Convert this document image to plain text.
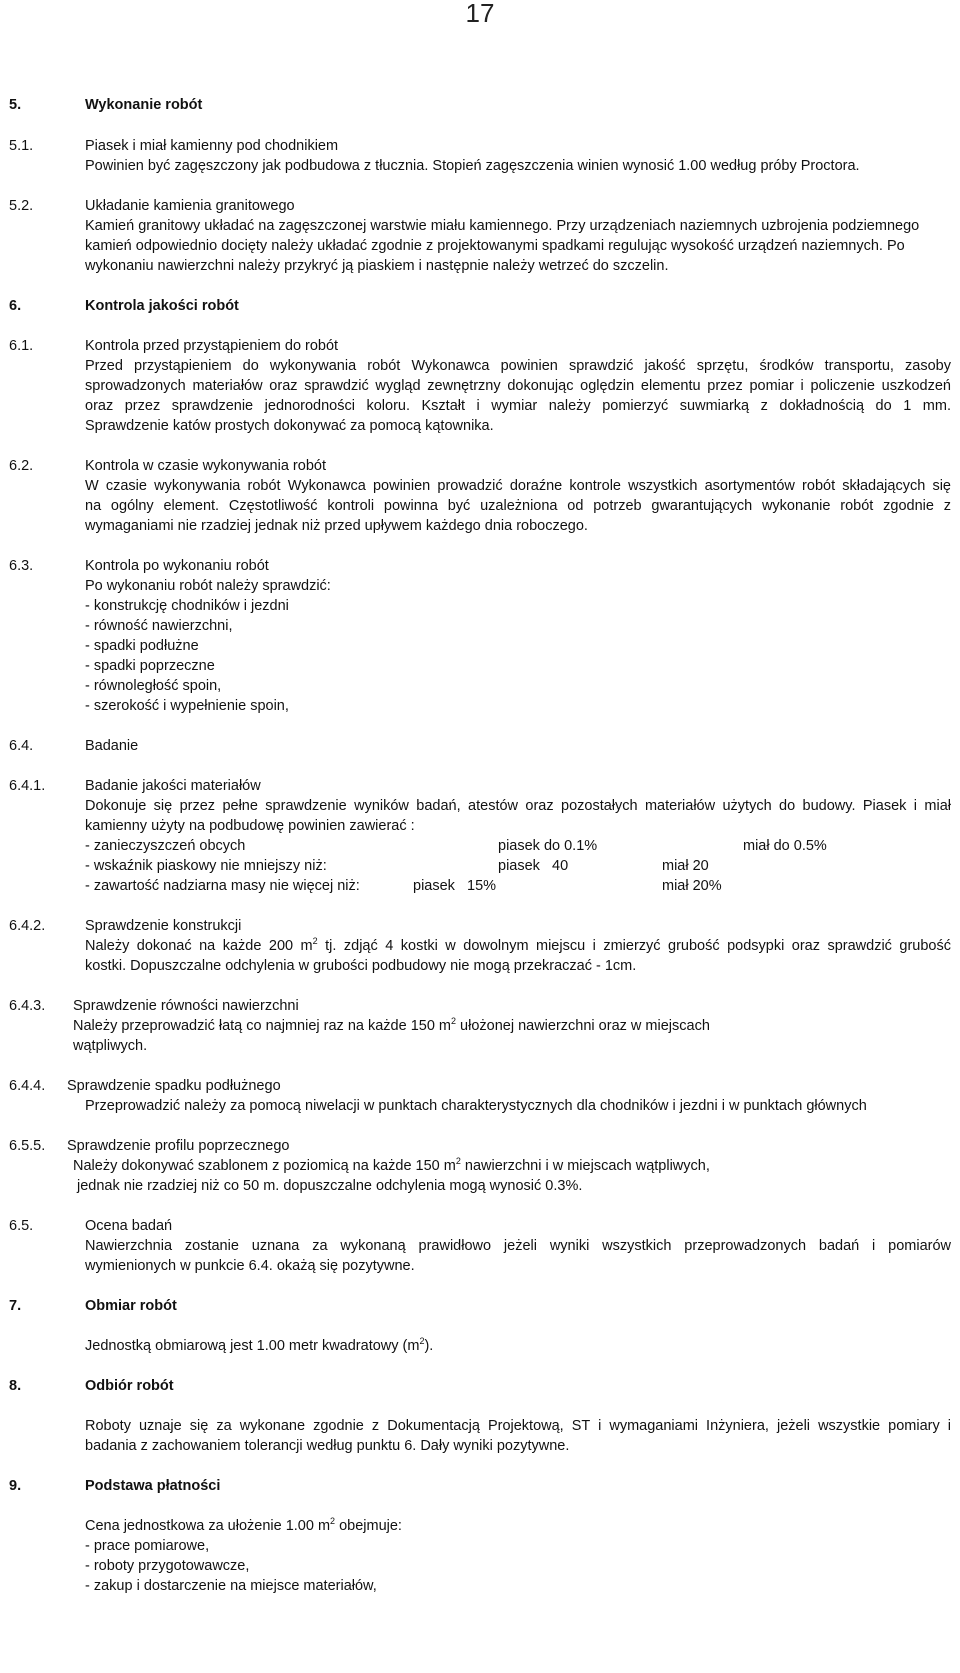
17
5.	Wykonanie robót
5.1.	Piasek i miał kamienny pod chodnikiem
Powinien być zagęszczony jak podbudowa z tłucznia. Stopień zagęszczenia winien wynosić 1.00 według próby Proctora.
5.2.	Układanie kamienia granitowego
Kamień granitowy układać na zagęszczonej warstwie miału kamiennego. Przy urządzeniach naziemnych uzbrojenia podziemnego
kamień odpowiednio docięty należy układać zgodnie z projektowanymi spadkami regulując wysokość urządzeń naziemnych. Po
wykonaniu nawierzchni należy przykryć ją piaskiem i następnie należy wetrzeć do szczelin.
6.	Kontrola jakości robót
6.1.	Kontrola przed przystąpieniem do robót
Przed przystąpieniem do wykonywania robót Wykonawca powinien sprawdzić jakość sprzętu, środków transportu, zasoby
sprowadzonych materiałów oraz sprawdzić wygląd zewnętrzny dokonując oględzin elementu przez pomiar i policzenie uszkodzeń
oraz przez sprawdzenie jednorodności koloru. Kształt i wymiar należy pomierzyć suwmiarką z dokładnością do 1 mm.
Sprawdzenie katów prostych dokonywać za pomocą kątownika.
6.2.	Kontrola w czasie wykonywania robót
W czasie wykonywania robót Wykonawca powinien prowadzić doraźne kontrole wszystkich asortymentów robót składających się
na ogólny element. Częstotliwość kontroli powinna być uzależniona od potrzeb gwarantujących wykonanie robót zgodnie z
wymaganiami nie rzadziej jednak niż przed upływem każdego dnia roboczego.
6.3.	Kontrola po wykonaniu robót
Po wykonaniu robót należy sprawdzić:
- konstrukcję chodników i jezdni
- równość nawierzchni,
- spadki podłużne
- spadki poprzeczne
- równoległość spoin,
- szerokość i wypełnienie spoin,
6.4.	Badanie
6.4.1.	Badanie jakości materiałów
Dokonuje się przez pełne sprawdzenie wyników badań, atestów oraz pozostałych materiałów użytych do budowy. Piasek i miał
kamienny użyty na podbudowę powinien zawierać :
- zanieczyszczeń obcych	piasek do 0.1%	miał do 0.5%
- wskaźnik piaskowy nie mniejszy niż:	piasek   40	miał 20
- zawartość nadziarna masy nie więcej niż:	piasek   15%	miał 20%
6.4.2.	Sprawdzenie konstrukcji
Należy dokonać na każde 200 $m^2$ tj. zdjąć 4 kostki w dowolnym miejscu i zmierzyć grubość podsypki oraz sprawdzić grubość
kostki. Dopuszczalne odchylenia w grubości podbudowy nie mogą przekraczać - 1cm.
6.4.3. Sprawdzenie równości nawierzchni
Należy przeprowadzić łatą co najmniej raz na każde 150 $m^2$ ułożonej nawierzchni oraz w miejscach
wątpliwych.
6.4.4. Sprawdzenie spadku podłużnego
Przeprowadzić należy za pomocą niwelacji w punktach charakterystycznych dla chodników i jezdni i w punktach głównych
6.5.5. Sprawdzenie profilu poprzecznego
Należy dokonywać szablonem z poziomicą na każde 150 $m^2$ nawierzchni i w miejscach wątpliwych,
jednak nie rzadziej niż co 50 m. dopuszczalne odchylenia mogą wynosić 0.3%.
6.5.	Ocena badań
Nawierzchnia zostanie uznana za wykonaną prawidłowo jeżeli wyniki wszystkich przeprowadzonych badań i pomiarów
wymienionych w punkcie 6.4. okażą się pozytywne.
7.	Obmiar robót
Jednostką obmiarową jest 1.00 metr kwadratowy $(m^2)$.
8.	Odbiór robót
Roboty uznaje się za wykonane zgodnie z Dokumentacją Projektową, ST i wymaganiami Inżyniera, jeżeli wszystkie pomiary i
badania z zachowaniem tolerancji według punktu 6. Dały wyniki pozytywne.
9.	Podstawa płatności
Cena jednostkowa za ułożenie 1.00 $m^2$ obejmuje:
- prace pomiarowe,
- roboty przygotowawcze,
- zakup i dostarczenie na miejsce materiałów,
